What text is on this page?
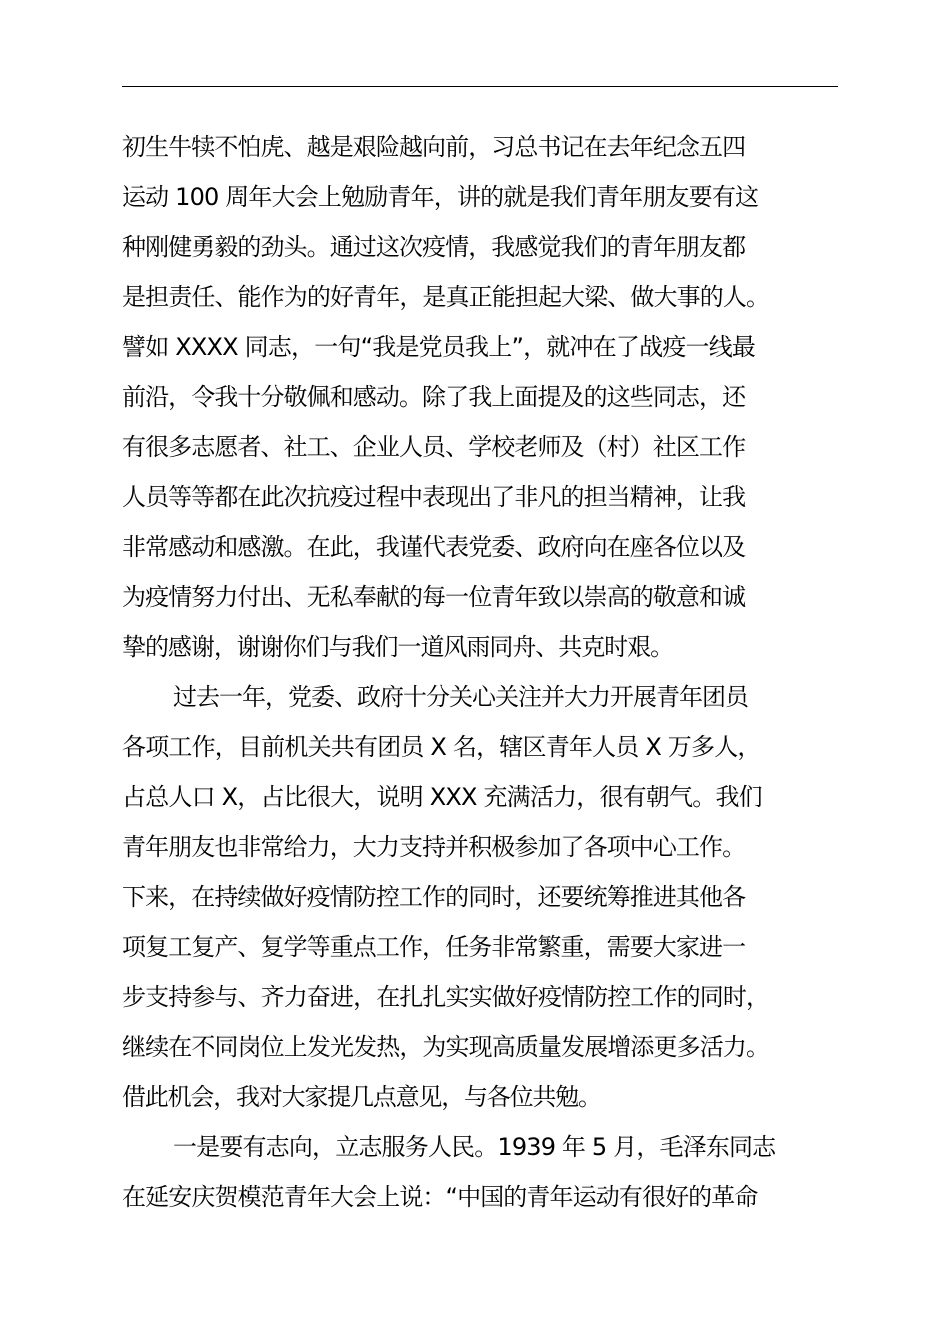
初生牛犊不怕虎、越是艰险越向前，习总书记在去年纪念五四
运动 100 周年大会上勉励青年，讲的就是我们青年朋友要有这
种刚健勇毅的劲头。通过这次疫情，我感觉我们的青年朋友都
是担责任、能作为的好青年，是真正能担起大梁、做大事的人。
譬如 XXXX 同志，一句“我是党员我上”，就冲在了战疫一线最
前沿，令我十分敬佩和感动。除了我上面提及的这些同志，还
有很多志愿者、社工、企业人员、学校老师及（村）社区工作
人员等等都在此次抗疫过程中表现出了非凡的担当精神，让我
非常感动和感激。在此，我谨代表党委、政府向在座各位以及
为疫情努力付出、无私奉献的每一位青年致以崇高的敬意和诚
挚的感谢，谢谢你们与我们一道风雨同舟、共克时艰。
过去一年，党委、政府十分关心关注并大力开展青年团员
各项工作，目前机关共有团员 X 名，辖区青年人员 X 万多人，
占总人口 X，占比很大，说明 XXX 充满活力，很有朝气。我们
青年朋友也非常给力，大力支持并积极参加了各项中心工作。
下来，在持续做好疫情防控工作的同时，还要统筹推进其他各
项复工复产、复学等重点工作，任务非常繁重，需要大家进一
步支持参与、齐力奋进，在扎扎实实做好疫情防控工作的同时，
继续在不同岗位上发光发热，为实现高质量发展增添更多活力。
借此机会，我对大家提几点意见，与各位共勉。
一是要有志向，立志服务人民。1939 年 5 月，毛泽东同志
在延安庆贺模范青年大会上说：“中国的青年运动有很好的革命
